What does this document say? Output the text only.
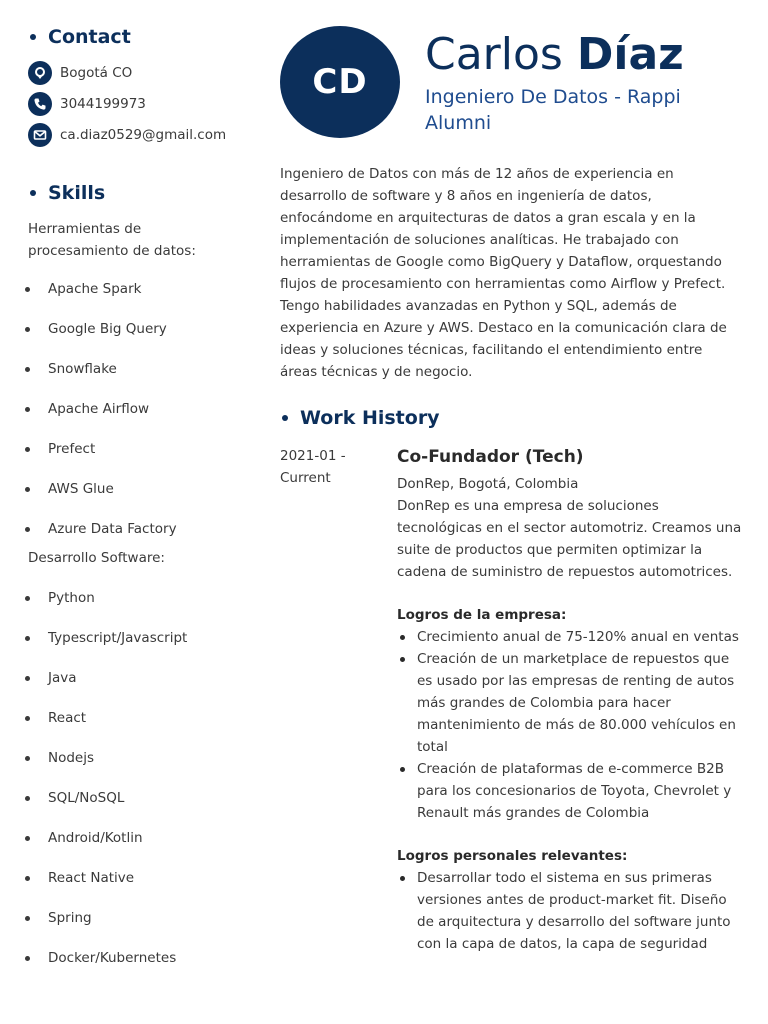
Contact
Bogotá CO
3044199973
ca.diaz0529@gmail.com
Skills
Herramientas de procesamiento de datos:
Apache Spark
Google Big Query
Snowflake
Apache Airflow
Prefect
AWS Glue
Azure Data Factory
Desarrollo Software:
Python
Typescript/Javascript
Java
React
Nodejs
SQL/NoSQL
Android/Kotlin
React Native
Spring
Docker/Kubernetes
CD
Carlos Díaz
Ingeniero De Datos - Rappi Alumni
Ingeniero de Datos con más de 12 años de experiencia en desarrollo de software y 8 años en ingeniería de datos, enfocándome en arquitecturas de datos a gran escala y en la implementación de soluciones analíticas. He trabajado con herramientas de Google como BigQuery y Dataflow, orquestando flujos de procesamiento con herramientas como Airflow y Prefect. Tengo habilidades avanzadas en Python y SQL, además de experiencia en Azure y AWS. Destaco en la comunicación clara de ideas y soluciones técnicas, facilitando el entendimiento entre áreas técnicas y de negocio.
Work History
2021-01 - Current
Co-Fundador (Tech)
DonRep, Bogotá, Colombia
DonRep es una empresa de soluciones tecnológicas en el sector automotriz. Creamos una suite de productos que permiten optimizar la cadena de suministro de repuestos automotrices.
Logros de la empresa:
Crecimiento anual de 75-120% anual en ventas
Creación de un marketplace de repuestos que es usado por las empresas de renting de autos más grandes de Colombia para hacer mantenimiento de más de 80.000 vehículos en total
Creación de plataformas de e-commerce B2B para los concesionarios de Toyota, Chevrolet y Renault más grandes de Colombia
Logros personales relevantes:
Desarrollar todo el sistema en sus primeras versiones antes de product-market fit. Diseño de arquitectura y desarrollo del software junto con la capa de datos, la capa de seguridad
